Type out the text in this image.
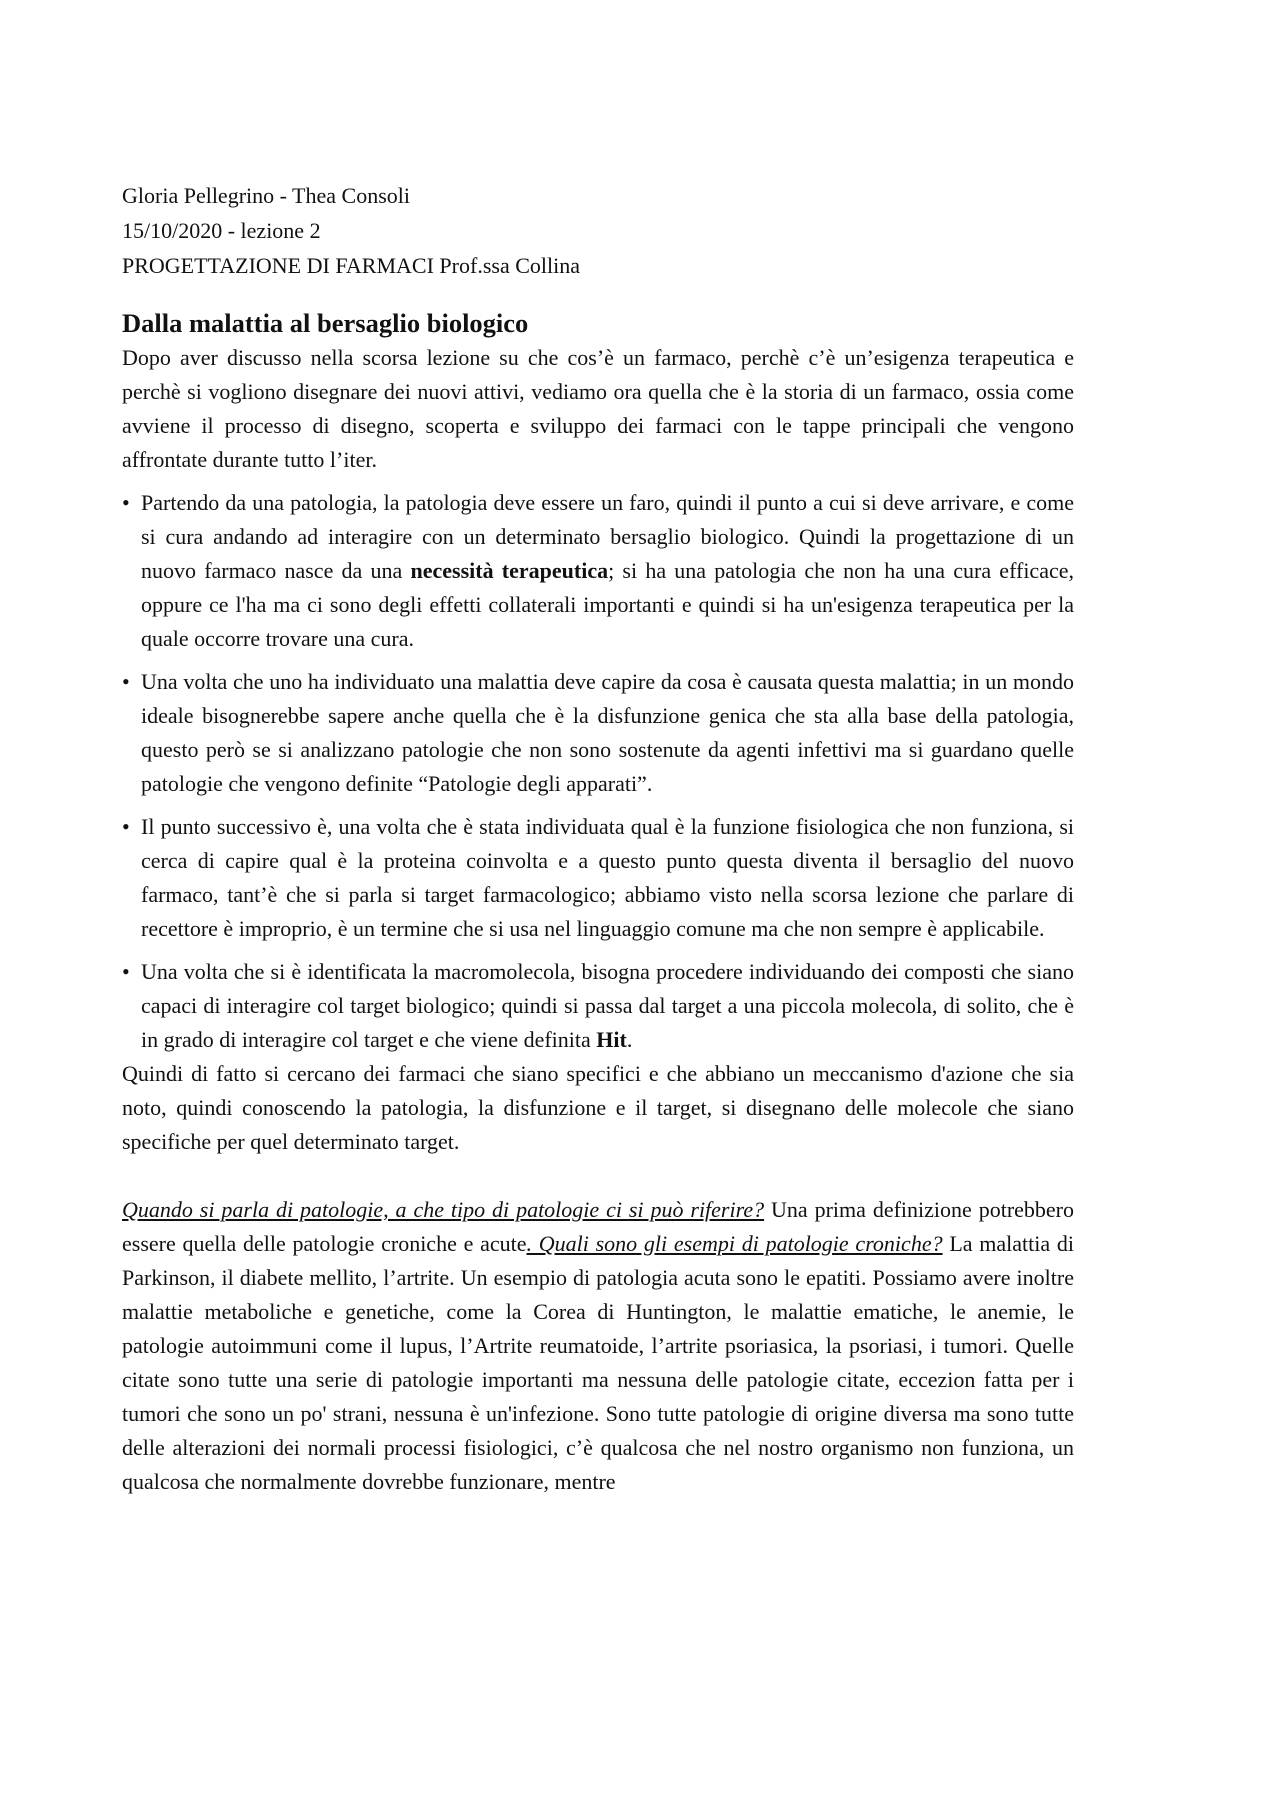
Gloria Pellegrino - Thea Consoli
15/10/2020 - lezione 2
PROGETTAZIONE DI FARMACI Prof.ssa Collina
Dalla malattia al bersaglio biologico

Dopo aver discusso nella scorsa lezione su che cos’è un farmaco, perchè c’è un’esigenza terapeutica e perchè si vogliono disegnare dei nuovi attivi, vediamo ora quella che è la storia di un farmaco, ossia come avviene il processo di disegno, scoperta e sviluppo dei farmaci con le tappe principali che vengono affrontate durante tutto l’iter.

• Partendo da una patologia, la patologia deve essere un faro, quindi il punto a cui si deve arrivare, e come si cura andando ad interagire con un determinato bersaglio biologico. Quindi la progettazione di un nuovo farmaco nasce da una necessità terapeutica; si ha una patologia che non ha una cura efficace, oppure ce l'ha ma ci sono degli effetti collaterali importanti e quindi si ha un'esigenza terapeutica per la quale occorre trovare una cura.
• Una volta che uno ha individuato una malattia deve capire da cosa è causata questa malattia; in un mondo ideale bisognerebbe sapere anche quella che è la disfunzione genica che sta alla base della patologia, questo però se si analizzano patologie che non sono sostenute da agenti infettivi ma si guardano quelle patologie che vengono definite “Patologie degli apparati”.
• Il punto successivo è, una volta che è stata individuata qual è la funzione fisiologica che non funziona, si cerca di capire qual è la proteina coinvolta e a questo punto questa diventa il bersaglio del nuovo farmaco, tant’è che si parla si target farmacologico; abbiamo visto nella scorsa lezione che parlare di recettore è improprio, è un termine che si usa nel linguaggio comune ma che non sempre è applicabile.
• Una volta che si è identificata la macromolecola, bisogna procedere individuando dei composti che siano capaci di interagire col target biologico; quindi si passa dal target a una piccola molecola, di solito, che è in grado di interagire col target e che viene definita Hit.

Quindi di fatto si cercano dei farmaci che siano specifici e che abbiano un meccanismo d'azione che sia noto, quindi conoscendo la patologia, la disfunzione e il target, si disegnano delle molecole che siano specifiche per quel determinato target.

Quando si parla di patologie, a che tipo di patologie ci si può riferire? Una prima definizione potrebbero essere quella delle patologie croniche e acute. Quali sono gli esempi di patologie croniche? La malattia di Parkinson, il diabete mellito, l’artrite. Un esempio di patologia acuta sono le epatiti. Possiamo avere inoltre malattie metaboliche e genetiche, come la Corea di Huntington, le malattie ematiche, le anemie, le patologie autoimmuni come il lupus, l’Artrite reumatoide, l’artrite psoriasica, la psoriasi, i tumori. Quelle citate sono tutte una serie di patologie importanti ma nessuna delle patologie citate, eccezion fatta per i tumori che sono un po' strani, nessuna è un'infezione. Sono tutte patologie di origine diversa ma sono tutte delle alterazioni dei normali processi fisiologici, c’è qualcosa che nel nostro organismo non funziona, un qualcosa che normalmente dovrebbe funzionare, mentre
